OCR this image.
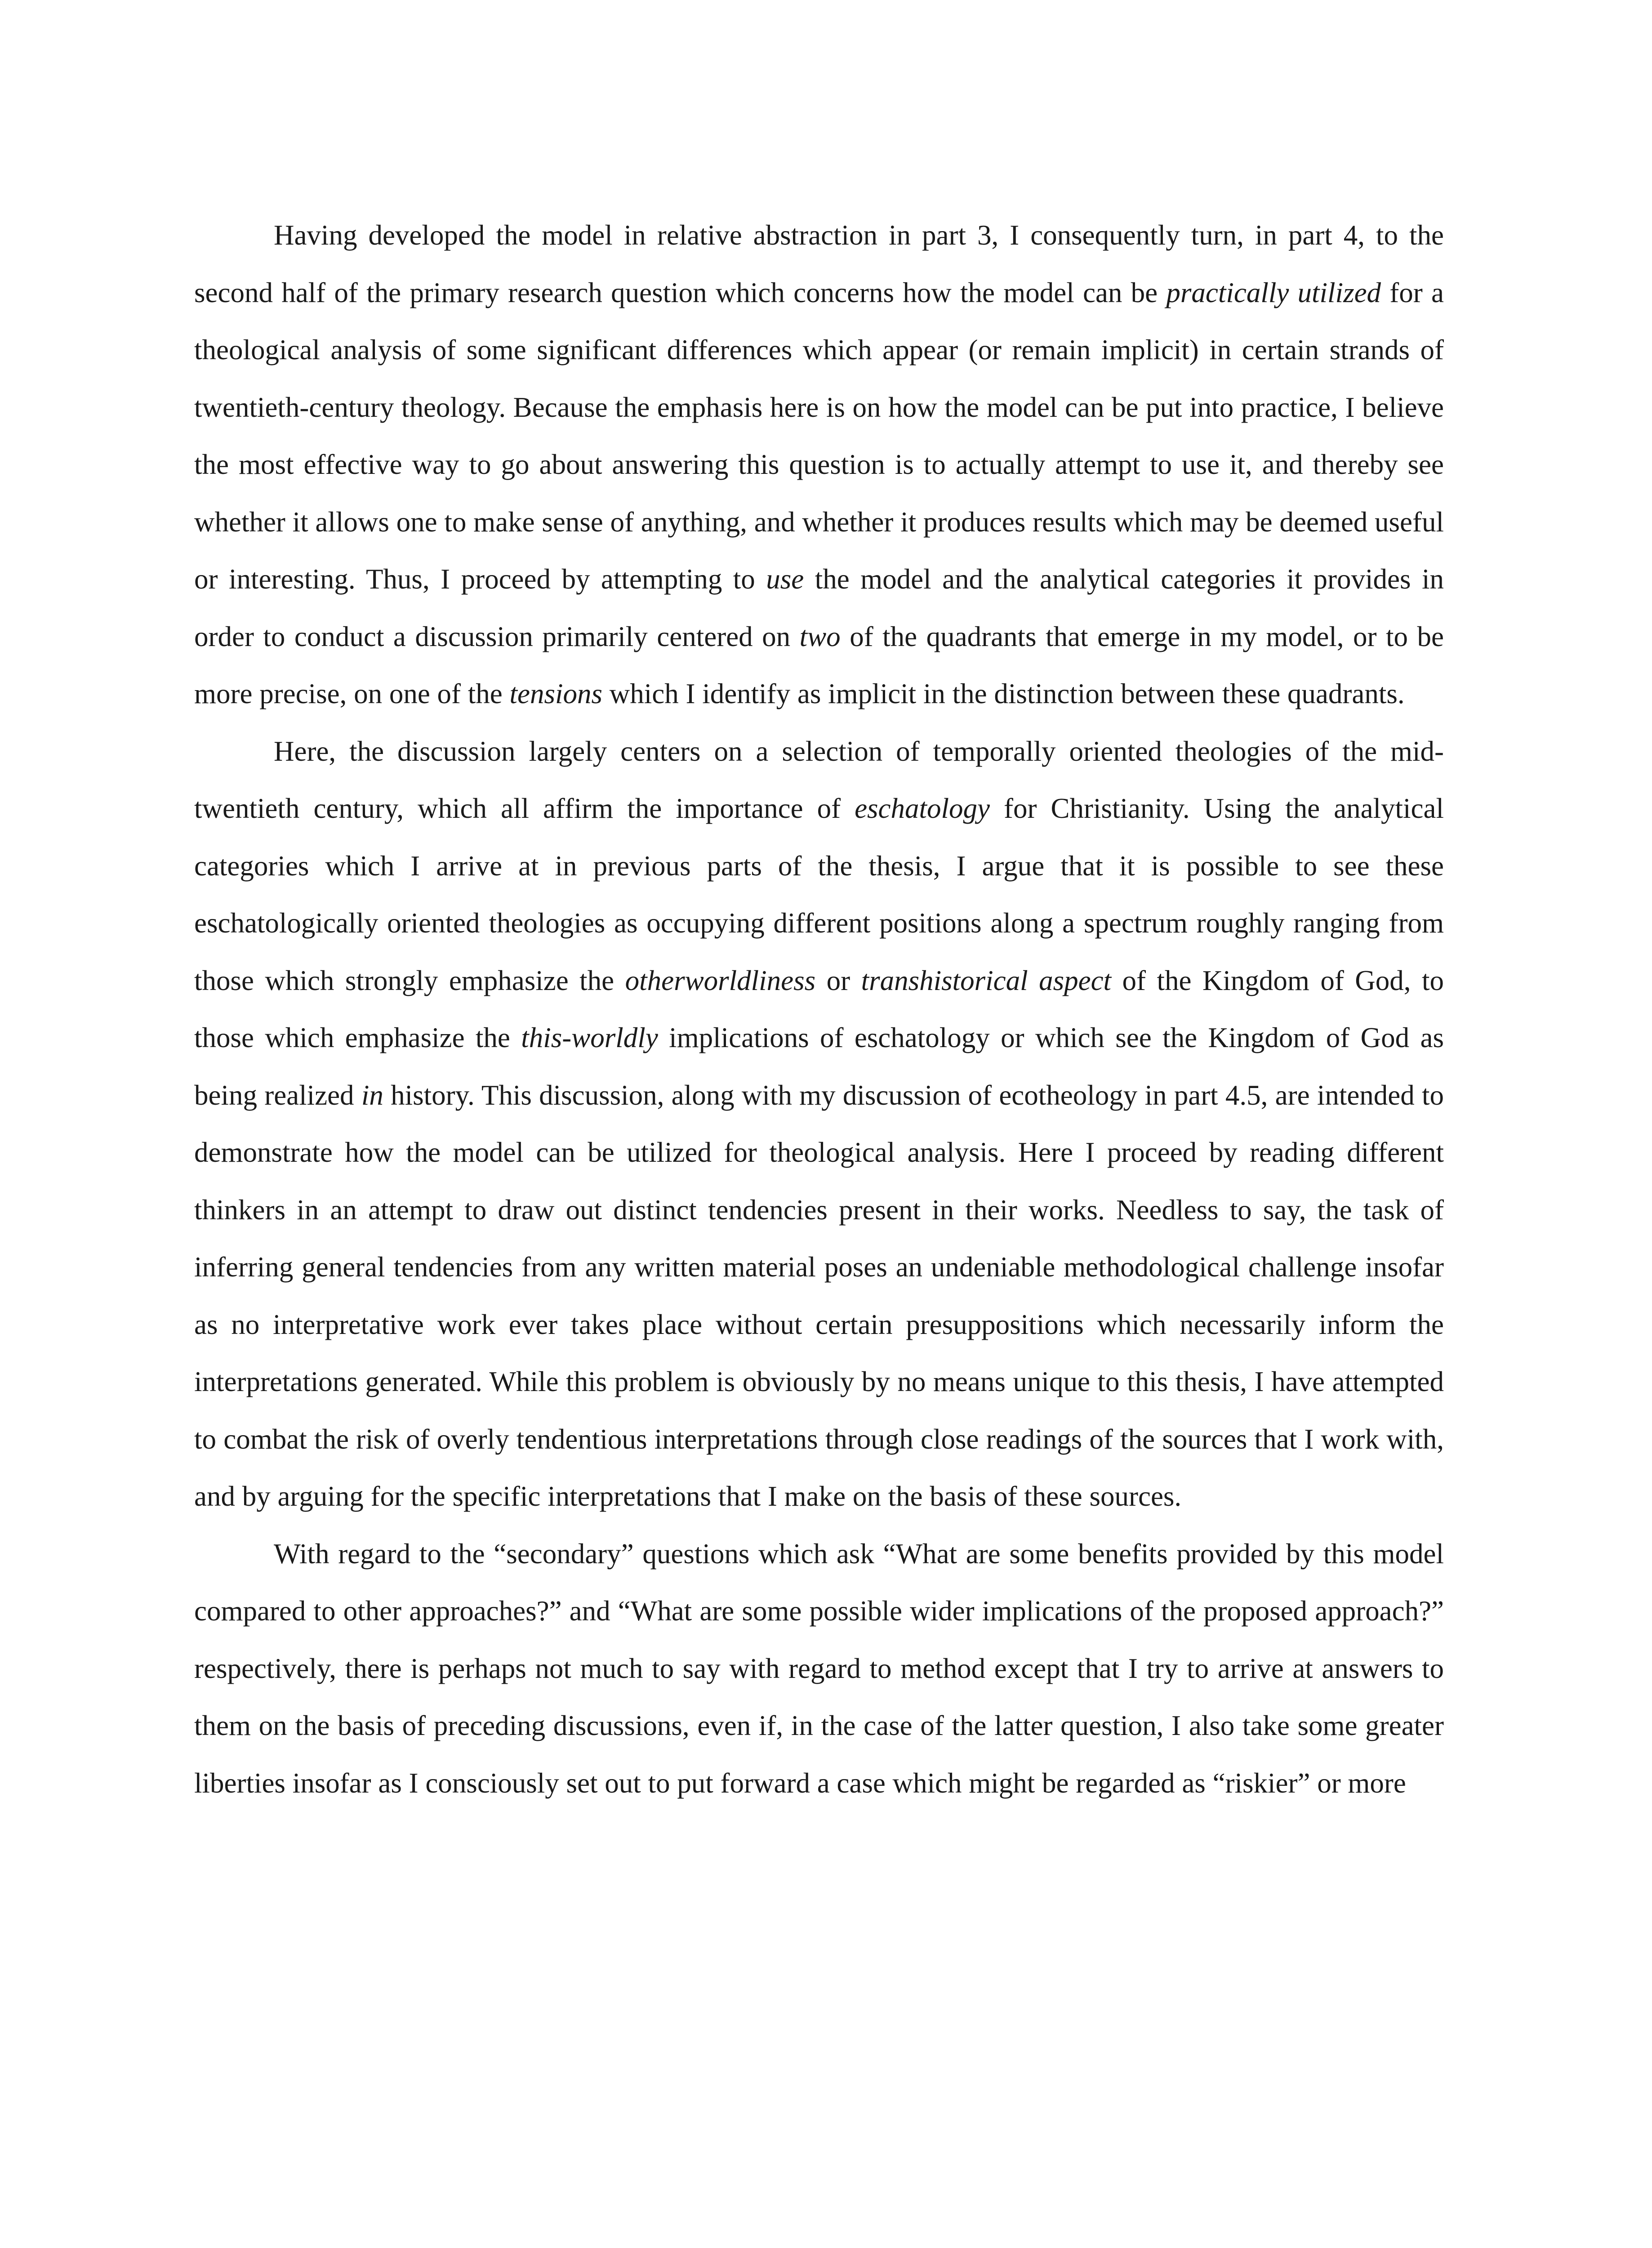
Having developed the model in relative abstraction in part 3, I consequently turn, in part 4, to the second half of the primary research question which concerns how the model can be practically utilized for a theological analysis of some significant differences which appear (or remain implicit) in certain strands of twentieth-century theology. Because the emphasis here is on how the model can be put into practice, I believe the most effective way to go about answering this question is to actually attempt to use it, and thereby see whether it allows one to make sense of anything, and whether it produces results which may be deemed useful or interesting. Thus, I proceed by attempting to use the model and the analytical categories it provides in order to conduct a discussion primarily centered on two of the quadrants that emerge in my model, or to be more precise, on one of the tensions which I identify as implicit in the distinction between these quadrants.

Here, the discussion largely centers on a selection of temporally oriented theologies of the mid-twentieth century, which all affirm the importance of eschatology for Christianity. Using the analytical categories which I arrive at in previous parts of the thesis, I argue that it is possible to see these eschatologically oriented theologies as occupying different positions along a spectrum roughly ranging from those which strongly emphasize the otherworldliness or transhistorical aspect of the Kingdom of God, to those which emphasize the this-worldly implications of eschatology or which see the Kingdom of God as being realized in history. This discussion, along with my discussion of ecotheology in part 4.5, are intended to demonstrate how the model can be utilized for theological analysis. Here I proceed by reading different thinkers in an attempt to draw out distinct tendencies present in their works. Needless to say, the task of inferring general tendencies from any written material poses an undeniable methodological challenge insofar as no interpretative work ever takes place without certain presuppositions which necessarily inform the interpretations generated. While this problem is obviously by no means unique to this thesis, I have attempted to combat the risk of overly tendentious interpretations through close readings of the sources that I work with, and by arguing for the specific interpretations that I make on the basis of these sources.

With regard to the “secondary” questions which ask “What are some benefits provided by this model compared to other approaches?” and “What are some possible wider implications of the proposed approach?” respectively, there is perhaps not much to say with regard to method except that I try to arrive at answers to them on the basis of preceding discussions, even if, in the case of the latter question, I also take some greater liberties insofar as I consciously set out to put forward a case which might be regarded as “riskier” or more
